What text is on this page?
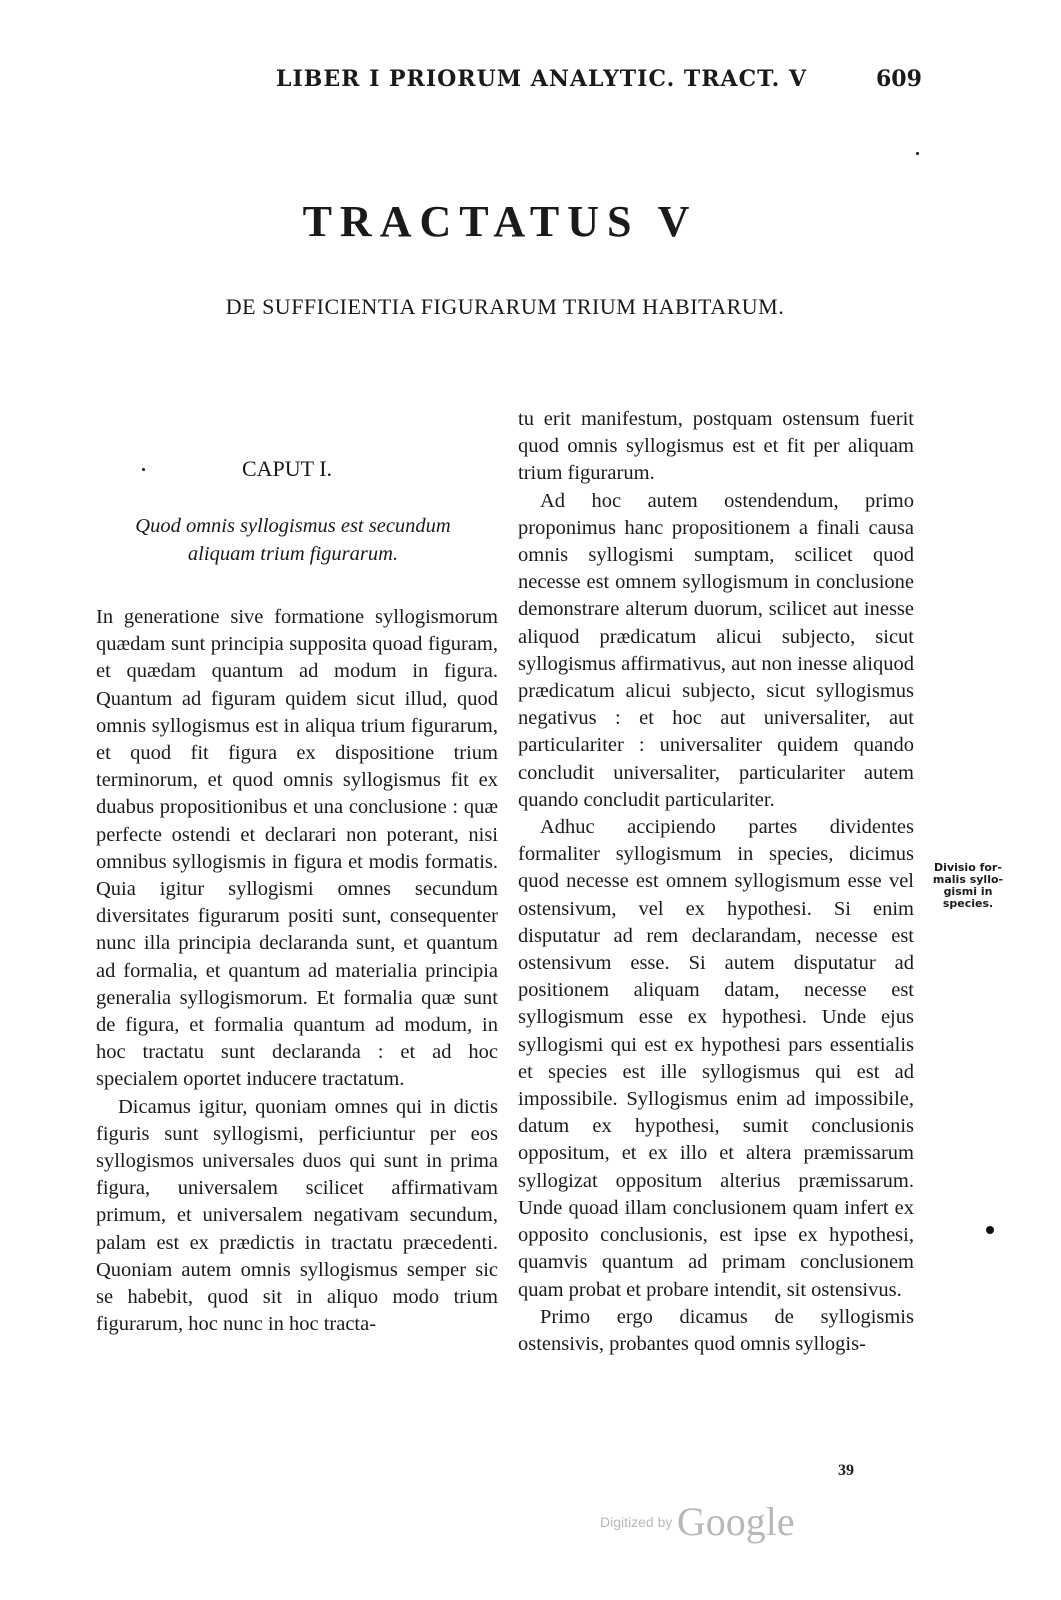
LIBER I PRIORUM ANALYTIC. TRACT. V	609
TRACTATUS V
DE SUFFICIENTIA FIGURARUM TRIUM HABITARUM.
CAPUT I.
Quod omnis syllogismus est secundum
aliquam trium figurarum.

In generatione sive formatione syllogismorum quædam sunt principia supposita quoad figuram, et quædam quantum ad modum in figura. Quantum ad figuram quidem sicut illud, quod omnis syllogismus est in aliqua trium figurarum, et quod fit figura ex dispositione trium terminorum, et quod omnis syllogismus fit ex duabus propositionibus et una conclusione : quæ perfecte ostendi et declarari non poterant, nisi omnibus syllogismis in figura et modis formatis. Quia igitur syllogismi omnes secundum diversitates figurarum positi sunt, consequenter nunc illa principia declaranda sunt, et quantum ad formalia, et quantum ad materialia principia generalia syllogismorum. Et formalia quæ sunt de figura, et formalia quantum ad modum, in hoc tractatu sunt declaranda : et ad hoc specialem oportet inducere tractatum.

Dicamus igitur, quoniam omnes qui in dictis figuris sunt syllogismi, perficiuntur per eos syllogismos universales duos qui sunt in prima figura, universalem scilicet affirmativam primum, et universalem negativam secundum, palam est ex prædictis in tractatu præcedenti. Quoniam autem omnis syllogismus semper sic se habebit, quod sit in aliquo modo trium figurarum, hoc nunc in hoc tracta-

tu erit manifestum, postquam ostensum fuerit quod omnis syllogismus est et fit per aliquam trium figurarum.

Ad hoc autem ostendendum, primo proponimus hanc propositionem a finali causa omnis syllogismi sumptam, scilicet quod necesse est omnem syllogismum in conclusione demonstrare alterum duorum, scilicet aut inesse aliquod prædicatum alicui subjecto, sicut syllogismus affirmativus, aut non inesse aliquod prædicatum alicui subjecto, sicut syllogismus negativus : et hoc aut universaliter, aut particulariter : universaliter quidem quando concludit universaliter, particulariter autem quando concludit particulariter.

Adhuc accipiendo partes dividentes formaliter syllogismum in species, dicimus quod necesse est omnem syllogismum esse vel ostensivum, vel ex hypothesi. Si enim disputatur ad rem declarandam, necesse est ostensivum esse. Si autem disputatur ad positionem aliquam datam, necesse est syllogismum esse ex hypothesi. Unde ejus syllogismi qui est ex hypothesi pars essentialis et species est ille syllogismus qui est ad impossibile. Syllogismus enim ad impossibile, datum ex hypothesi, sumit conclusionis oppositum, et ex illo et altera præmissarum syllogizat oppositum alterius præmissarum. Unde quoad illam conclusionem quam infert ex opposito conclusionis, est ipse ex hypothesi, quamvis quantum ad primam conclusionem quam probat et probare intendit, sit ostensivus.

Primo ergo dicamus de syllogismis ostensivis, probantes quod omnis syllogis-

Divisio for-
malis syllo-
gismi in
species.
39
Digitized by Google
